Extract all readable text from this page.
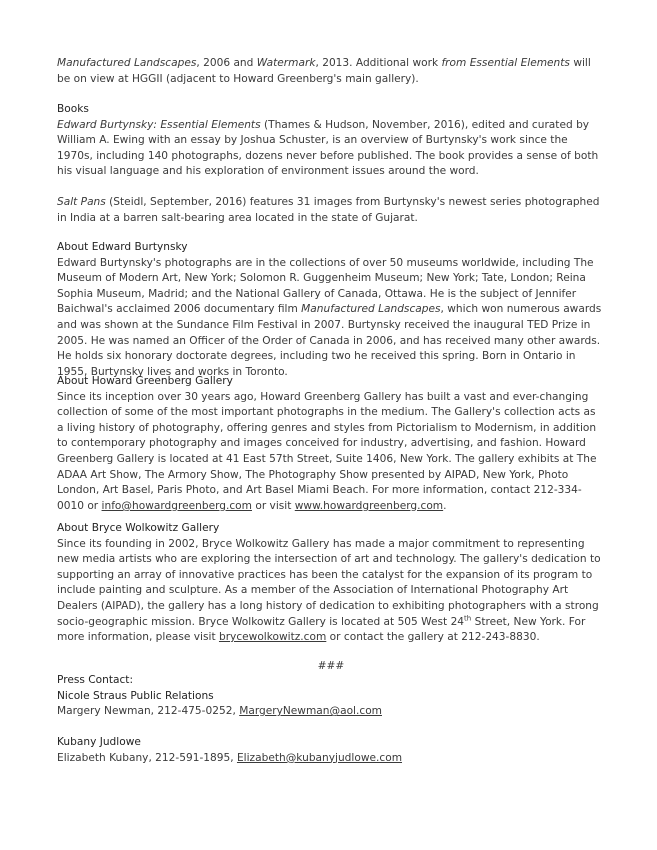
Manufactured Landscapes, 2006 and Watermark, 2013. Additional work from Essential Elements will be on view at HGGII (adjacent to Howard Greenberg's main gallery).

Books

Edward Burtynsky: Essential Elements (Thames & Hudson, November, 2016), edited and curated by William A. Ewing with an essay by Joshua Schuster, is an overview of Burtynsky's work since the 1970s, including 140 photographs, dozens never before published. The book provides a sense of both his visual language and his exploration of environment issues around the word.

Salt Pans (Steidl, September, 2016) features 31 images from Burtynsky's newest series photographed in India at a barren salt-bearing area located in the state of Gujarat.

About Edward Burtynsky

Edward Burtynsky's photographs are in the collections of over 50 museums worldwide, including The Museum of Modern Art, New York; Solomon R. Guggenheim Museum; New York; Tate, London; Reina Sophia Museum, Madrid; and the National Gallery of Canada, Ottawa. He is the subject of Jennifer Baichwal's acclaimed 2006 documentary film Manufactured Landscapes, which won numerous awards and was shown at the Sundance Film Festival in 2007. Burtynsky received the inaugural TED Prize in 2005. He was named an Officer of the Order of Canada in 2006, and has received many other awards. He holds six honorary doctorate degrees, including two he received this spring. Born in Ontario in 1955, Burtynsky lives and works in Toronto.

About Howard Greenberg Gallery

Since its inception over 30 years ago, Howard Greenberg Gallery has built a vast and ever-changing collection of some of the most important photographs in the medium. The Gallery's collection acts as a living history of photography, offering genres and styles from Pictorialism to Modernism, in addition to contemporary photography and images conceived for industry, advertising, and fashion. Howard Greenberg Gallery is located at 41 East 57th Street, Suite 1406, New York. The gallery exhibits at The ADAA Art Show, The Armory Show, The Photography Show presented by AIPAD, New York, Photo London, Art Basel, Paris Photo, and Art Basel Miami Beach. For more information, contact 212-334-0010 or info@howardgreenberg.com or visit www.howardgreenberg.com.

About Bryce Wolkowitz Gallery

Since its founding in 2002, Bryce Wolkowitz Gallery has made a major commitment to representing new media artists who are exploring the intersection of art and technology. The gallery's dedication to supporting an array of innovative practices has been the catalyst for the expansion of its program to include painting and sculpture. As a member of the Association of International Photography Art Dealers (AIPAD), the gallery has a long history of dedication to exhibiting photographers with a strong socio-geographic mission. Bryce Wolkowitz Gallery is located at 505 West 24th Street, New York. For more information, please visit brycewolkowitz.com or contact the gallery at 212-243-8830.

###

Press Contact:

Nicole Straus Public Relations

Margery Newman, 212-475-0252, MargeryNewman@aol.com

Kubany Judlowe

Elizabeth Kubany, 212-591-1895, Elizabeth@kubanyjudlowe.com
